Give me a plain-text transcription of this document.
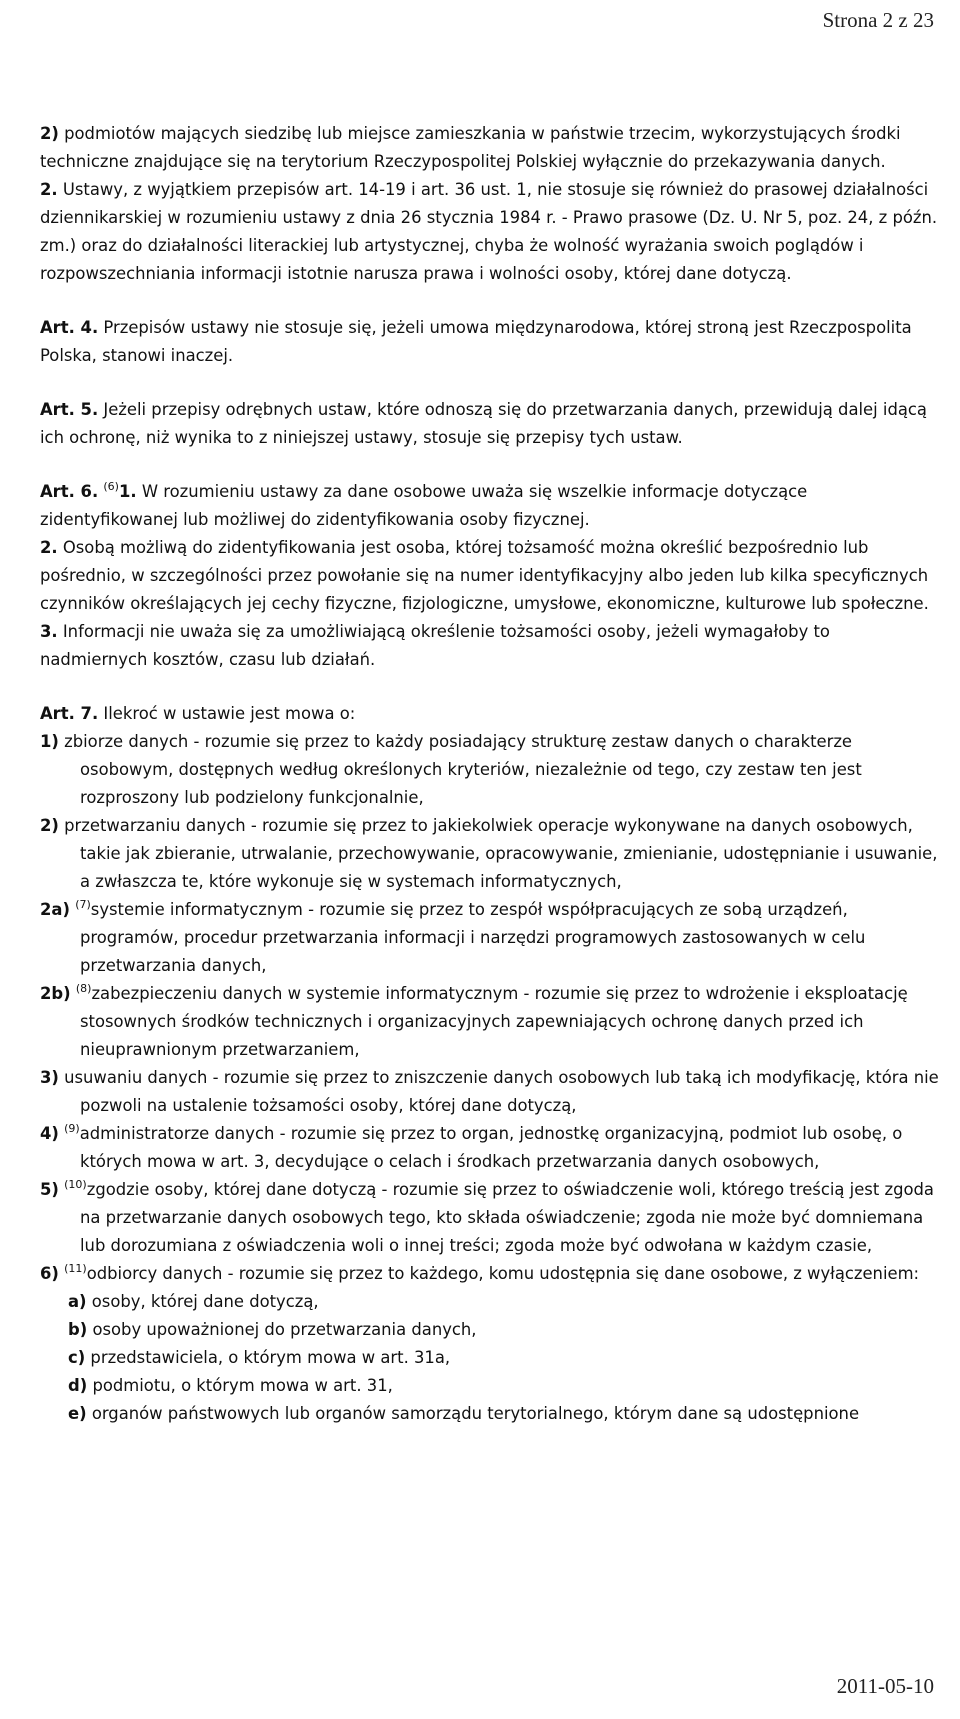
Strona 2 z 23

2) podmiotów mających siedzibę lub miejsce zamieszkania w państwie trzecim, wykorzystujących środki techniczne znajdujące się na terytorium Rzeczypospolitej Polskiej wyłącznie do przekazywania danych.

2. Ustawy, z wyjątkiem przepisów art. 14-19 i art. 36 ust. 1, nie stosuje się również do prasowej działalności dziennikarskiej w rozumieniu ustawy z dnia 26 stycznia 1984 r. - Prawo prasowe (Dz. U. Nr 5, poz. 24, z późn. zm.) oraz do działalności literackiej lub artystycznej, chyba że wolność wyrażania swoich poglądów i rozpowszechniania informacji istotnie narusza prawa i wolności osoby, której dane dotyczą.

Art. 4. Przepisów ustawy nie stosuje się, jeżeli umowa międzynarodowa, której stroną jest Rzeczpospolita Polska, stanowi inaczej.

Art. 5. Jeżeli przepisy odrębnych ustaw, które odnoszą się do przetwarzania danych, przewidują dalej idącą ich ochronę, niż wynika to z niniejszej ustawy, stosuje się przepisy tych ustaw.

Art. 6. $^{(6)}$1. W rozumieniu ustawy za dane osobowe uważa się wszelkie informacje dotyczące zidentyfikowanej lub możliwej do zidentyfikowania osoby fizycznej.

2. Osobą możliwą do zidentyfikowania jest osoba, której tożsamość można określić bezpośrednio lub pośrednio, w szczególności przez powołanie się na numer identyfikacyjny albo jeden lub kilka specyficznych czynników określających jej cechy fizyczne, fizjologiczne, umysłowe, ekonomiczne, kulturowe lub społeczne.

3. Informacji nie uważa się za umożliwiającą określenie tożsamości osoby, jeżeli wymagałoby to nadmiernych kosztów, czasu lub działań.

Art. 7. Ilekroć w ustawie jest mowa o:

1) zbiorze danych - rozumie się przez to każdy posiadający strukturę zestaw danych o charakterze osobowym, dostępnych według określonych kryteriów, niezależnie od tego, czy zestaw ten jest rozproszony lub podzielony funkcjonalnie,

2) przetwarzaniu danych - rozumie się przez to jakiekolwiek operacje wykonywane na danych osobowych, takie jak zbieranie, utrwalanie, przechowywanie, opracowywanie, zmienianie, udostępnianie i usuwanie, a zwłaszcza te, które wykonuje się w systemach informatycznych,

2a) $^{(7)}$systemie informatycznym - rozumie się przez to zespół współpracujących ze sobą urządzeń, programów, procedur przetwarzania informacji i narzędzi programowych zastosowanych w celu przetwarzania danych,

2b) $^{(8)}$zabezpieczeniu danych w systemie informatycznym - rozumie się przez to wdrożenie i eksploatację stosownych środków technicznych i organizacyjnych zapewniających ochronę danych przed ich nieuprawnionym przetwarzaniem,

3) usuwaniu danych - rozumie się przez to zniszczenie danych osobowych lub taką ich modyfikację, która nie pozwoli na ustalenie tożsamości osoby, której dane dotyczą,

4) $^{(9)}$administratorze danych - rozumie się przez to organ, jednostkę organizacyjną, podmiot lub osobę, o których mowa w art. 3, decydujące o celach i środkach przetwarzania danych osobowych,

5) $^{(10)}$zgodzie osoby, której dane dotyczą - rozumie się przez to oświadczenie woli, którego treścią jest zgoda na przetwarzanie danych osobowych tego, kto składa oświadczenie; zgoda nie może być domniemana lub dorozumiana z oświadczenia woli o innej treści; zgoda może być odwołana w każdym czasie,

6) $^{(11)}$odbiorcy danych - rozumie się przez to każdego, komu udostępnia się dane osobowe, z wyłączeniem:

a) osoby, której dane dotyczą,

b) osoby upoważnionej do przetwarzania danych,

c) przedstawiciela, o którym mowa w art. 31a,

d) podmiotu, o którym mowa w art. 31,

e) organów państwowych lub organów samorządu terytorialnego, którym dane są udostępnione

2011-05-10
